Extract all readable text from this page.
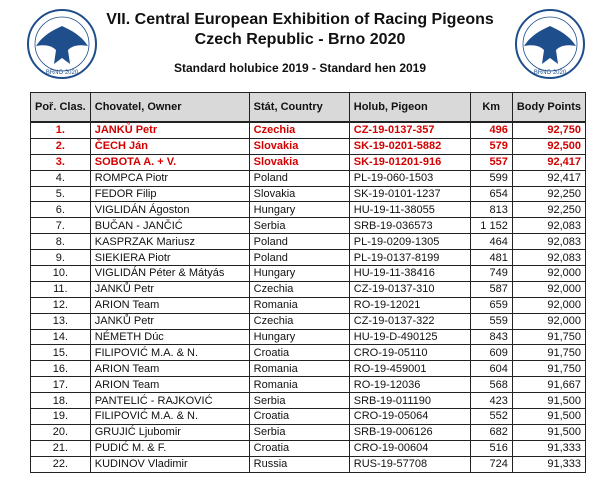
BRNO 2020
VII. Central European Exhibition of Racing Pigeons
Czech Republic - Brno 2020
Standard holubice 2019 - Standard hen 2019	BRNO 2020
Poř. Clas.	Chovatel, Owner	Stát, Country	Holub, Pigeon	Km	Body Points
1.	JANKŮ Petr	Czechia	CZ-19-0137-357	496	92,750
2.	ČECH Ján	Slovakia	SK-19-0201-5882	579	92,500
3.	SOBOTA A. + V.	Slovakia	SK-19-01201-916	557	92,417
4.	ROMPCA Piotr	Poland	PL-19-060-1503	599	92,417
5.	FEDOR Filip	Slovakia	SK-19-0101-1237	654	92,250
6.	VIGLIDÁN Ágoston	Hungary	HU-19-11-38055	813	92,250
7.	BUČAN - JANČIĆ	Serbia	SRB-19-036573	1 152	92,083
8.	KASPRZAK Mariusz	Poland	PL-19-0209-1305	464	92,083
9.	SIEKIERA Piotr	Poland	PL-19-0137-8199	481	92,083
10.	VIGLIDÁN Péter & Mátyás	Hungary	HU-19-11-38416	749	92,000
11.	JANKŮ Petr	Czechia	CZ-19-0137-310	587	92,000
12.	ARION Team	Romania	RO-19-12021	659	92,000
13.	JANKŮ Petr	Czechia	CZ-19-0137-322	559	92,000
14.	NÉMETH Dúc	Hungary	HU-19-D-490125	843	91,750
15.	FILIPOVIĆ M.A. & N.	Croatia	CRO-19-05110	609	91,750
16.	ARION Team	Romania	RO-19-459001	604	91,750
17.	ARION Team	Romania	RO-19-12036	568	91,667
18.	PANTELIĆ - RAJKOVIĆ	Serbia	SRB-19-011190	423	91,500
19.	FILIPOVIĆ M.A. & N.	Croatia	CRO-19-05064	552	91,500
20.	GRUJIĆ Ljubomir	Serbia	SRB-19-006126	682	91,500
21.	PUDIĆ M. & F.	Croatia	CRO-19-00604	516	91,333
22.	KUDINOV Vladimir	Russia	RUS-19-57708	724	91,333
